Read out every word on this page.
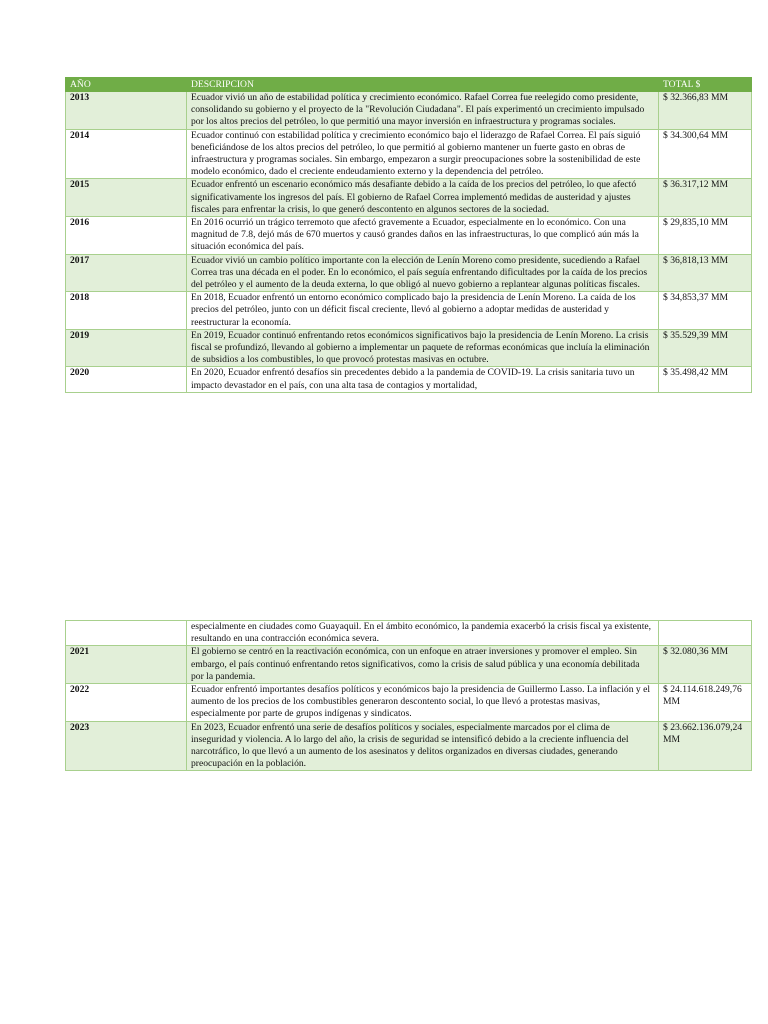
AÑO	DESCRIPCION	TOTAL $
2013	Ecuador vivió un año de estabilidad política y crecimiento económico. Rafael Correa fue reelegido como presidente, consolidando su gobierno y el proyecto de la "Revolución Ciudadana". El país experimentó un crecimiento impulsado por los altos precios del petróleo, lo que permitió una mayor inversión en infraestructura y programas sociales.	$ 32.366,83 MM
2014	Ecuador continuó con estabilidad política y crecimiento económico bajo el liderazgo de Rafael Correa. El país siguió beneficiándose de los altos precios del petróleo, lo que permitió al gobierno mantener un fuerte gasto en obras de infraestructura y programas sociales. Sin embargo, empezaron a surgir preocupaciones sobre la sostenibilidad de este modelo económico, dado el creciente endeudamiento externo y la dependencia del petróleo.	$ 34.300,64 MM
2015	Ecuador enfrentó un escenario económico más desafiante debido a la caída de los precios del petróleo, lo que afectó significativamente los ingresos del país. El gobierno de Rafael Correa implementó medidas de austeridad y ajustes fiscales para enfrentar la crisis, lo que generó descontento en algunos sectores de la sociedad.	$ 36.317,12 MM
2016	En 2016 ocurrió un trágico terremoto que afectó gravemente a Ecuador, especialmente en lo económico. Con una magnitud de 7.8, dejó más de 670 muertos y causó grandes daños en las infraestructuras, lo que complicó aún más la situación económica del país.	$ 29,835,10 MM
2017	Ecuador vivió un cambio político importante con la elección de Lenín Moreno como presidente, sucediendo a Rafael Correa tras una década en el poder. En lo económico, el país seguía enfrentando dificultades por la caída de los precios del petróleo y el aumento de la deuda externa, lo que obligó al nuevo gobierno a replantear algunas políticas fiscales.	$ 36,818,13 MM
2018	En 2018, Ecuador enfrentó un entorno económico complicado bajo la presidencia de Lenín Moreno. La caída de los precios del petróleo, junto con un déficit fiscal creciente, llevó al gobierno a adoptar medidas de austeridad y reestructurar la economía.	$ 34,853,37 MM
2019	En 2019, Ecuador continuó enfrentando retos económicos significativos bajo la presidencia de Lenín Moreno. La crisis fiscal se profundizó, llevando al gobierno a implementar un paquete de reformas económicas que incluía la eliminación de subsidios a los combustibles, lo que provocó protestas masivas en octubre.	$ 35.529,39 MM
2020	En 2020, Ecuador enfrentó desafíos sin precedentes debido a la pandemia de COVID-19. La crisis sanitaria tuvo un impacto devastador en el país, con una alta tasa de contagios y mortalidad,	$ 35.498,42 MM
	especialmente en ciudades como Guayaquil. En el ámbito económico, la pandemia exacerbó la crisis fiscal ya existente, resultando en una contracción económica severa.	
2021	El gobierno se centró en la reactivación económica, con un enfoque en atraer inversiones y promover el empleo. Sin embargo, el país continuó enfrentando retos significativos, como la crisis de salud pública y una economía debilitada por la pandemia.	$ 32.080,36 MM
2022	Ecuador enfrentó importantes desafíos políticos y económicos bajo la presidencia de Guillermo Lasso. La inflación y el aumento de los precios de los combustibles generaron descontento social, lo que llevó a protestas masivas, especialmente por parte de grupos indígenas y sindicatos.	$ 24.114.618.249,76 MM
2023	En 2023, Ecuador enfrentó una serie de desafíos políticos y sociales, especialmente marcados por el clima de inseguridad y violencia. A lo largo del año, la crisis de seguridad se intensificó debido a la creciente influencia del narcotráfico, lo que llevó a un aumento de los asesinatos y delitos organizados en diversas ciudades, generando preocupación en la población.	$ 23.662.136.079,24 MM
